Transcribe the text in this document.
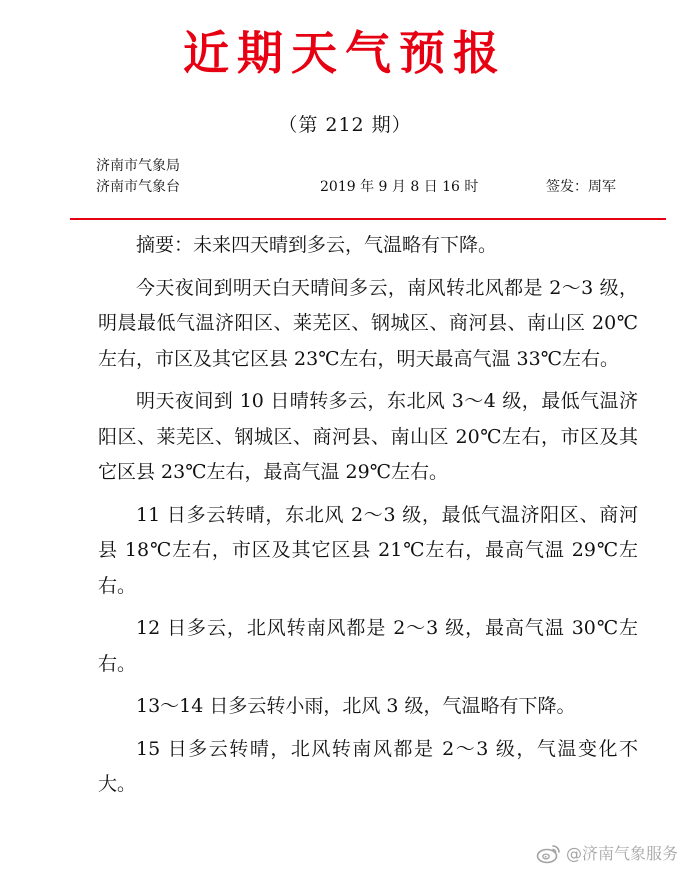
近期天气预报
（第 212 期）
济南市气象局
济南市气象台	2019 年 9 月 8 日 16 时	签发：周军

摘要：未来四天晴到多云，气温略有下降。

今天夜间到明天白天晴间多云，南风转北风都是 2～3 级，明晨最低气温济阳区、莱芜区、钢城区、商河县、南山区 20℃左右，市区及其它区县 23℃左右，明天最高气温 33℃左右。

明天夜间到 10 日晴转多云，东北风 3～4 级，最低气温济阳区、莱芜区、钢城区、商河县、南山区 20℃左右，市区及其它区县 23℃左右，最高气温 29℃左右。

11 日多云转晴，东北风 2～3 级，最低气温济阳区、商河县 18℃左右，市区及其它区县 21℃左右，最高气温 29℃左右。

12 日多云，北风转南风都是 2～3 级，最高气温 30℃左右。

13～14 日多云转小雨，北风 3 级，气温略有下降。

15 日多云转晴，北风转南风都是 2～3 级，气温变化不大。

@济南气象服务
